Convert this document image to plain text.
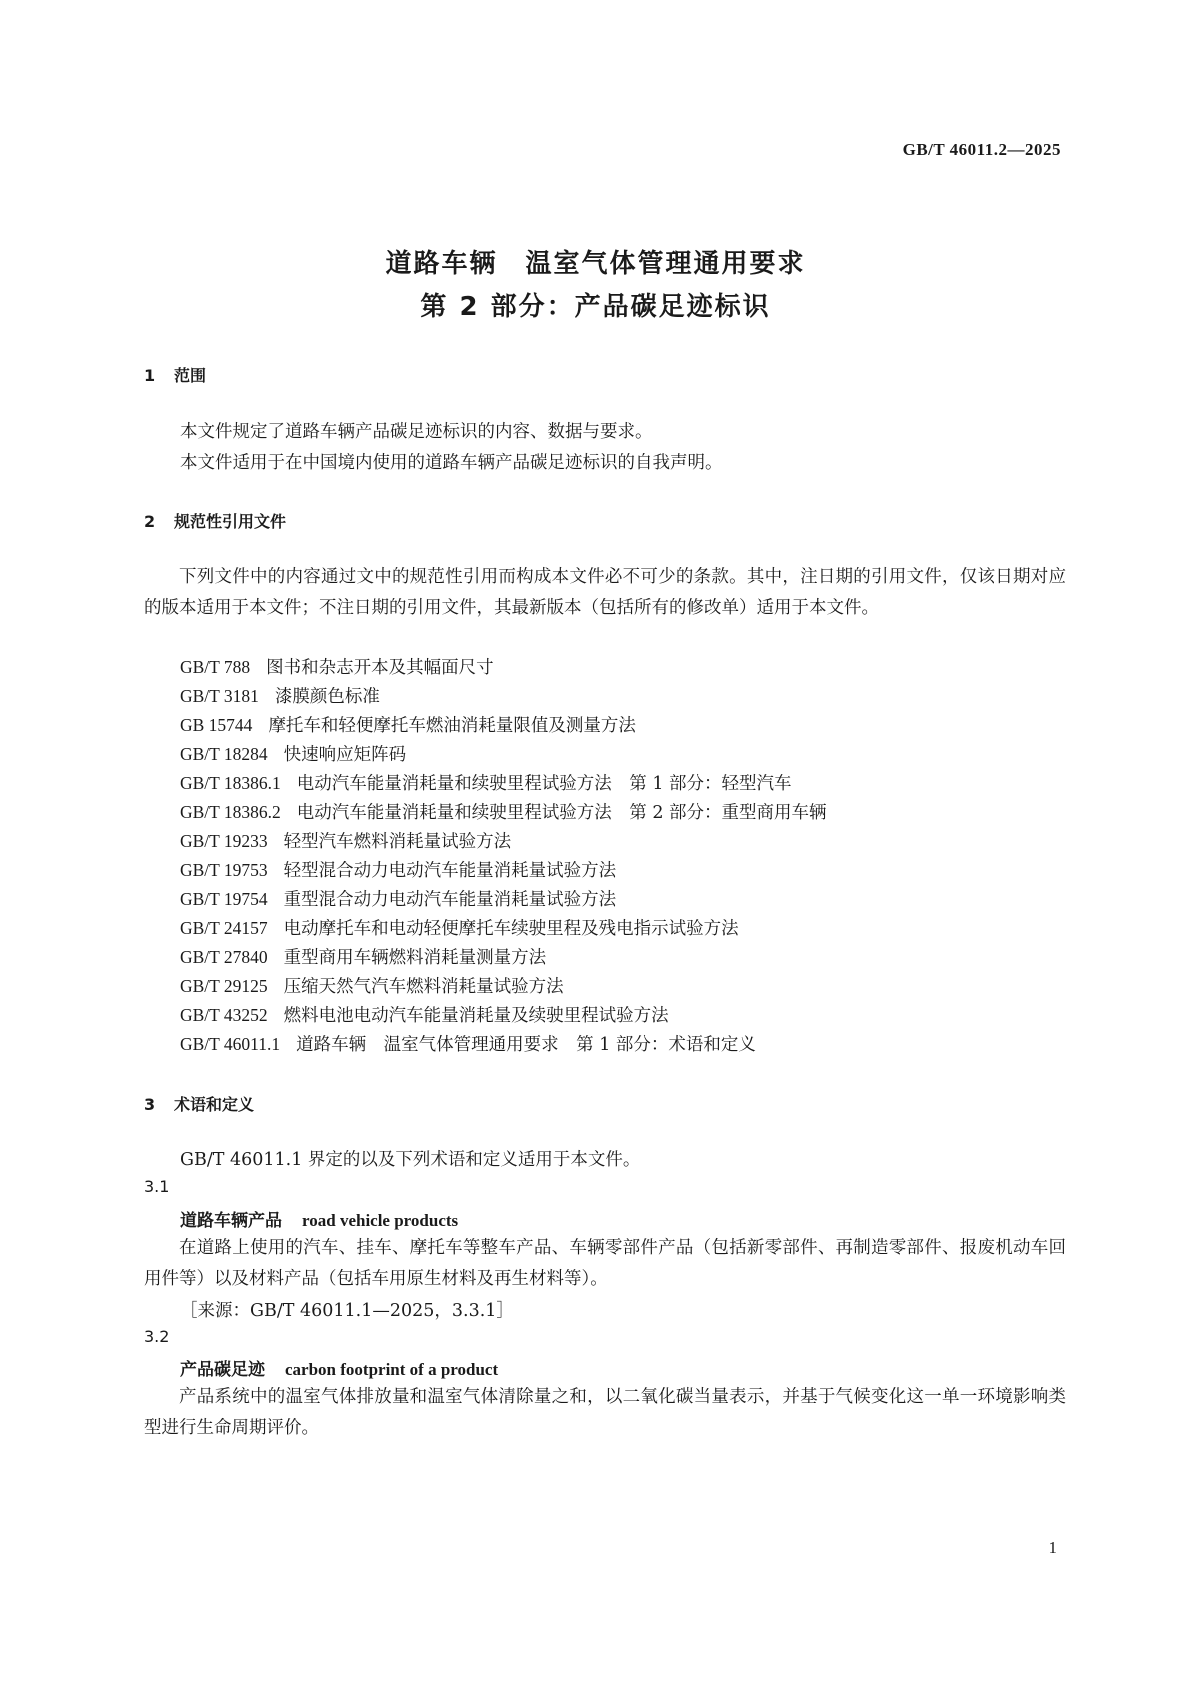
GB/T 46011.2—2025
道路车辆　温室气体管理通用要求
第 2 部分：产品碳足迹标识
1 范围
本文件规定了道路车辆产品碳足迹标识的内容、数据与要求。
本文件适用于在中国境内使用的道路车辆产品碳足迹标识的自我声明。
2 规范性引用文件
下列文件中的内容通过文中的规范性引用而构成本文件必不可少的条款。其中，注日期的引用文件，仅该日期对应的版本适用于本文件；不注日期的引用文件，其最新版本（包括所有的修改单）适用于本文件。
GB/T 788 图书和杂志开本及其幅面尺寸
GB/T 3181 漆膜颜色标准
GB 15744 摩托车和轻便摩托车燃油消耗量限值及测量方法
GB/T 18284 快速响应矩阵码
GB/T 18386.1 电动汽车能量消耗量和续驶里程试验方法　第 1 部分：轻型汽车
GB/T 18386.2 电动汽车能量消耗量和续驶里程试验方法　第 2 部分：重型商用车辆
GB/T 19233 轻型汽车燃料消耗量试验方法
GB/T 19753 轻型混合动力电动汽车能量消耗量试验方法
GB/T 19754 重型混合动力电动汽车能量消耗量试验方法
GB/T 24157 电动摩托车和电动轻便摩托车续驶里程及残电指示试验方法
GB/T 27840 重型商用车辆燃料消耗量测量方法
GB/T 29125 压缩天然气汽车燃料消耗量试验方法
GB/T 43252 燃料电池电动汽车能量消耗量及续驶里程试验方法
GB/T 46011.1 道路车辆　温室气体管理通用要求　第 1 部分：术语和定义
3 术语和定义
GB/T 46011.1 界定的以及下列术语和定义适用于本文件。
3.1
道路车辆产品 road vehicle products
在道路上使用的汽车、挂车、摩托车等整车产品、车辆零部件产品（包括新零部件、再制造零部件、报废机动车回用件等）以及材料产品（包括车用原生材料及再生材料等）。
［来源：GB/T 46011.1—2025，3.3.1］
3.2
产品碳足迹 carbon footprint of a product
产品系统中的温室气体排放量和温室气体清除量之和，以二氧化碳当量表示，并基于气候变化这一单一环境影响类型进行生命周期评价。
1
